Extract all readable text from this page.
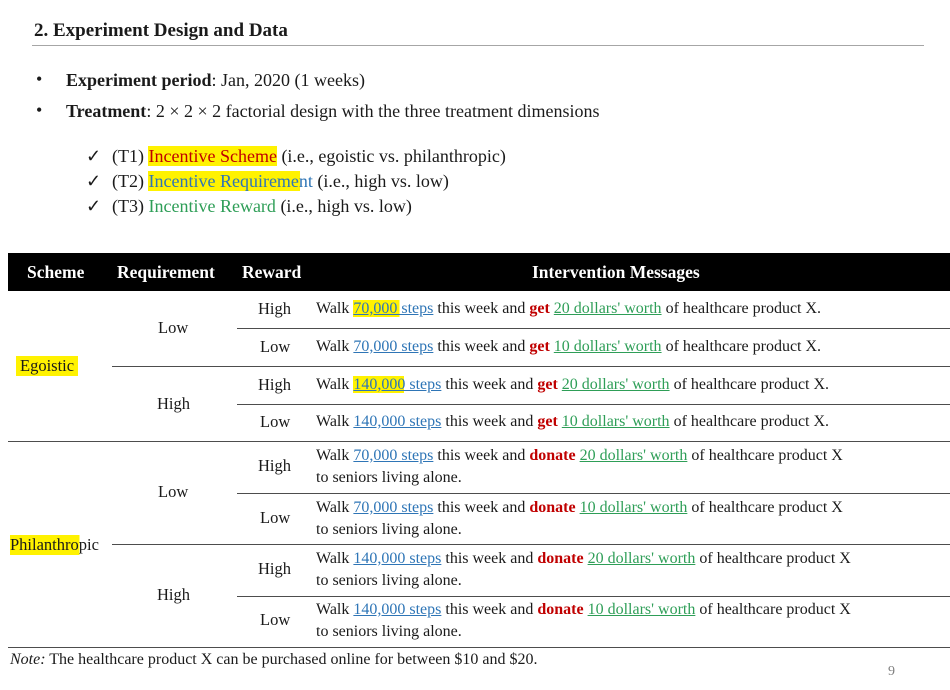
2. Experiment Design and Data
• Experiment period: Jan, 2020 (1 weeks)
• Treatment: 2 × 2 × 2 factorial design with the three treatment dimensions
✓ (T1) Incentive Scheme (i.e., egoistic vs. philanthropic)
✓ (T2) Incentive Requirement (i.e., high vs. low)
✓ (T3) Incentive Reward (i.e., high vs. low)
Scheme Requirement Reward	Intervention Messages
Egoistic
Philanthropic
Low
High
Low
High
High
Low
High
Low
High
Low
High
Low
Walk 70,000 steps this week and get 20 dollars' worth of healthcare product X.
Walk 70,000 steps this week and get 10 dollars' worth of healthcare product X.
Walk 140,000 steps this week and get 20 dollars' worth of healthcare product X.
Walk 140,000 steps this week and get 10 dollars' worth of healthcare product X.
Walk 70,000 steps this week and donate 20 dollars' worth of healthcare product X
to seniors living alone.
Walk 70,000 steps this week and donate 10 dollars' worth of healthcare product X
to seniors living alone.
Walk 140,000 steps this week and donate 20 dollars' worth of healthcare product X
to seniors living alone.
Walk 140,000 steps this week and donate 10 dollars' worth of healthcare product X
to seniors living alone.
Note: The healthcare product X can be purchased online for between $10 and $20.
9
